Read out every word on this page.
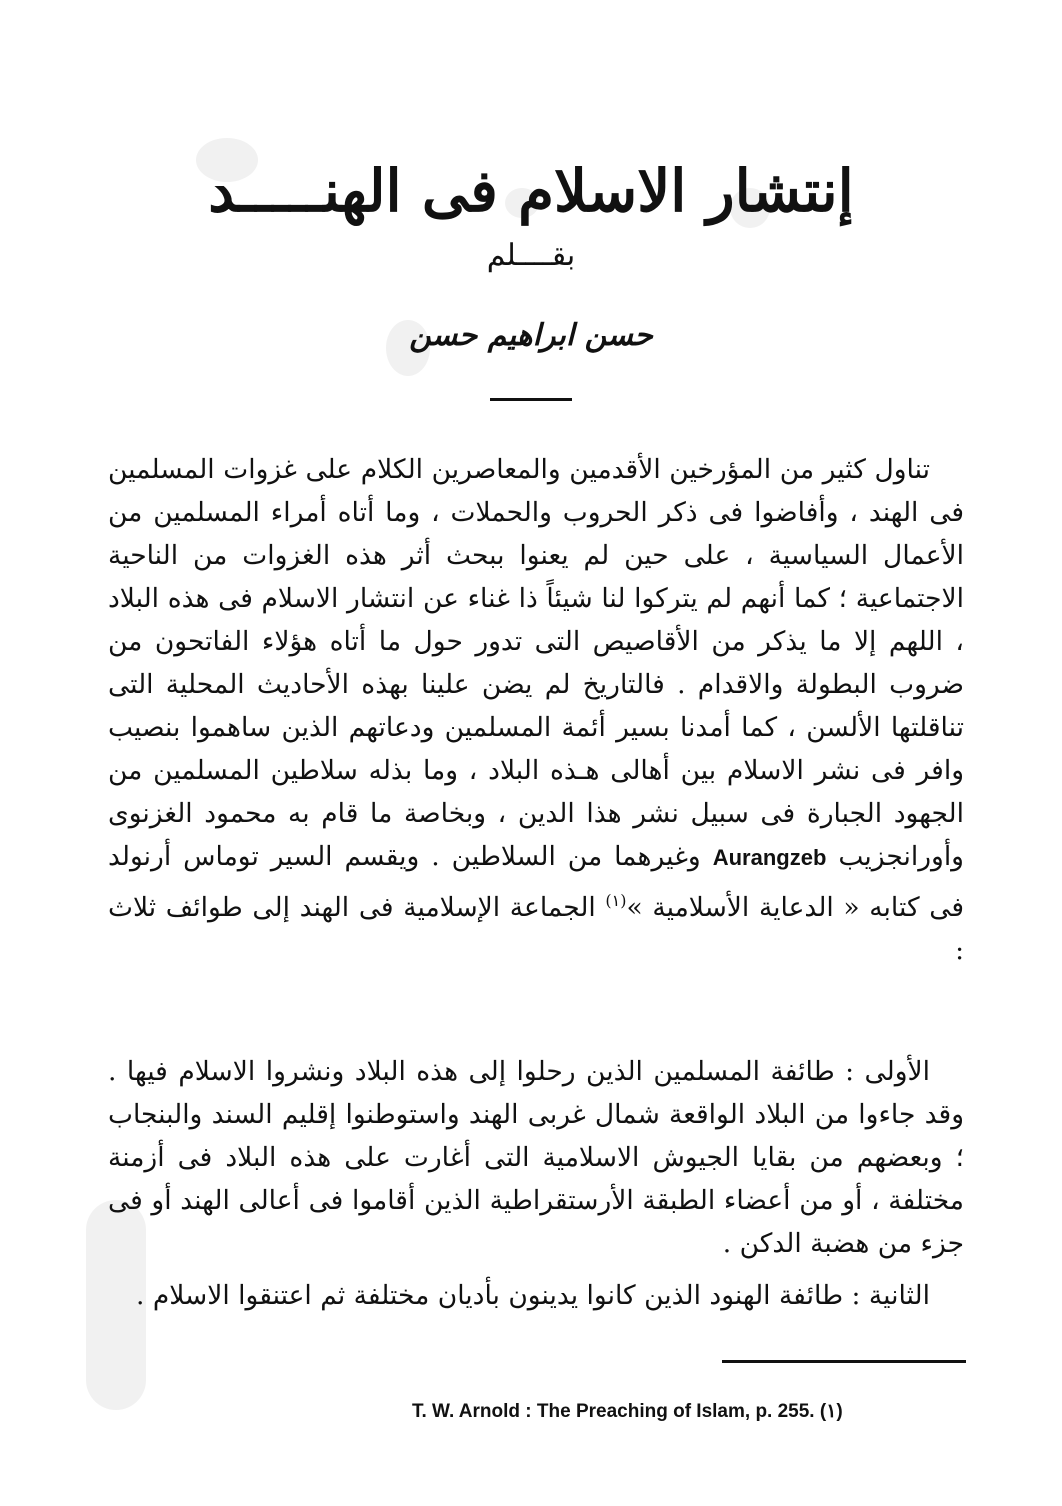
إنتشار الاسلام فى الهنـــــد
بقــــلم
حسن ابراهيم حسن

تناول كثير من المؤرخين الأقدمين والمعاصرين الكلام على غزوات المسلمين فى الهند ، وأفاضوا فى ذكر الحروب والحملات ، وما أتاه أمراء المسلمين من الأعمال السياسية ، على حين لم يعنوا ببحث أثر هذه الغزوات من الناحية الاجتماعية ؛ كما أنهم لم يتركوا لنا شيئاً ذا غناء عن انتشار الاسلام فى هذه البلاد ، اللهم إلا ما يذكر من الأقاصيص التى تدور حول ما أتاه هؤلاء الفاتحون من ضروب البطولة والاقدام . فالتاريخ لم يضن علينا بهذه الأحاديث المحلية التى تناقلتها الألسن ، كما أمدنا بسير أئمة المسلمين ودعاتهم الذين ساهموا بنصيب وافر فى نشر الاسلام بين أهالى هـذه البلاد ، وما بذله سلاطين المسلمين من الجهود الجبارة فى سبيل نشر هذا الدين ، وبخاصة ما قام به محمود الغزنوى وأورانجزيب Aurangzeb وغيرهما من السلاطين . ويقسم السير توماس أرنولد فى كتابه « الدعاية الأسلامية »$^{(١)}$ الجماعة الإسلامية فى الهند إلى طوائف ثلاث :

الأولى : طائفة المسلمين الذين رحلوا إلى هذه البلاد ونشروا الاسلام فيها . وقد جاءوا من البلاد الواقعة شمال غربى الهند واستوطنوا إقليم السند والبنجاب ؛ وبعضهم من بقايا الجيوش الاسلامية التى أغارت على هذه البلاد فى أزمنة مختلفة ، أو من أعضاء الطبقة الأرستقراطية الذين أقاموا فى أعالى الهند أو فى جزء من هضبة الدكن .

الثانية : طائفة الهنود الذين كانوا يدينون بأديان مختلفة ثم اعتنقوا الاسلام .

T. W. Arnold : The Preaching of Islam, p. 255. (١)
